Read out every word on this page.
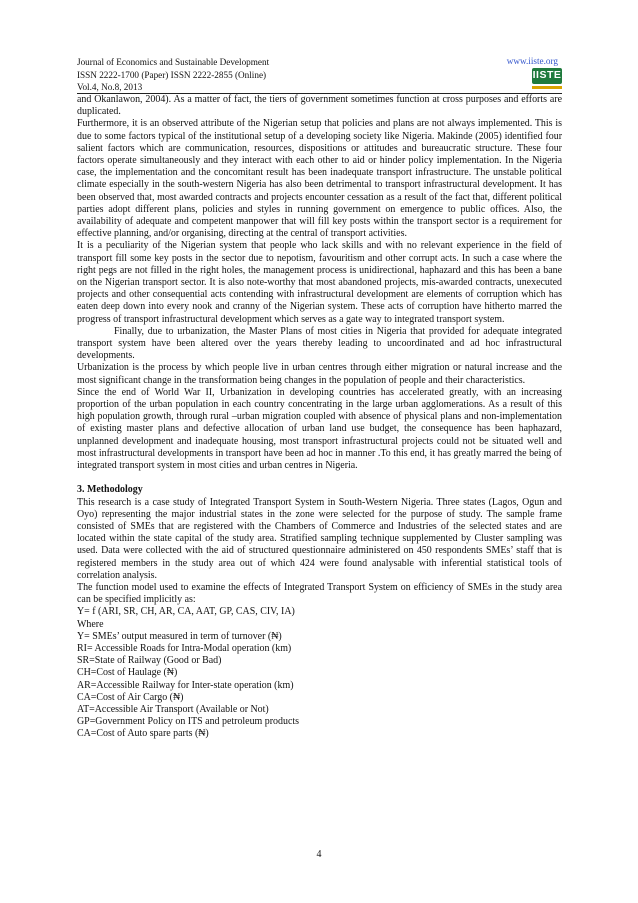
Journal of Economics and Sustainable Development
ISSN 2222-1700 (Paper) ISSN 2222-2855 (Online)
Vol.4, No.8, 2013
www.iiste.org
IISTE

and Okanlawon, 2004). As a matter of fact, the tiers of government sometimes function at cross purposes and efforts are duplicated.

Furthermore, it is an observed attribute of the Nigerian setup that policies and plans are not always implemented. This is due to some factors typical of the institutional setup of a developing society like Nigeria. Makinde (2005) identified four salient factors which are communication, resources, dispositions or attitudes and bureaucratic structure. These four factors operate simultaneously and they interact with each other to aid or hinder policy implementation. In the Nigeria case, the implementation and the concomitant result has been inadequate transport infrastructure. The unstable political climate especially in the south-western Nigeria has also been detrimental to transport infrastructural development. It has been observed that, most awarded contracts and projects encounter cessation as a result of the fact that, different political parties adopt different plans, policies and styles in running government on emergence to public offices. Also, the availability of adequate and competent manpower that will fill key posts within the transport sector is a requirement for effective planning, and/or organising, directing at the central of transport activities.

It is a peculiarity of the Nigerian system that people who lack skills and with no relevant experience in the field of transport fill some key posts in the sector due to nepotism, favouritism and other corrupt acts. In such a case where the right pegs are not filled in the right holes, the management process is unidirectional, haphazard and this has been a bane on the Nigerian transport sector. It is also note-worthy that most abandoned projects, mis-awarded contracts, unexecuted projects and other consequential acts contending with infrastructural development are elements of corruption which has eaten deep down into every nook and cranny of the Nigerian system. These acts of corruption have hitherto marred the progress of transport infrastructural development which serves as a gate way to integrated transport system.

Finally, due to urbanization, the Master Plans of most cities in Nigeria that provided for adequate integrated transport system have been altered over the years thereby leading to uncoordinated and ad hoc infrastructural developments.

Urbanization is the process by which people live in urban centres through either migration or natural increase and the most significant change in the transformation being changes in the population of people and their characteristics.

Since the end of World War II, Urbanization in developing countries has accelerated greatly, with an increasing proportion of the urban population in each country concentrating in the large urban agglomerations. As a result of this high population growth, through rural –urban migration coupled with absence of physical plans and non-implementation of existing master plans and defective allocation of urban land use budget, the consequence has been haphazard, unplanned development and inadequate housing, most transport infrastructural projects could not be situated well and most infrastructural developments in transport have been ad hoc in manner .To this end, it has greatly marred the being of integrated transport system in most cities and urban centres in Nigeria.

3. Methodology

This research is a case study of Integrated Transport System in South-Western Nigeria. Three states (Lagos, Ogun and Oyo) representing the major industrial states in the zone were selected for the purpose of study. The sample frame consisted of SMEs that are registered with the Chambers of Commerce and Industries of the selected states and are located within the state capital of the study area. Stratified sampling technique supplemented by Cluster sampling was used. Data were collected with the aid of structured questionnaire administered on 450 respondents SMEs’ staff that is registered members in the study area out of which 424 were found analysable with inferential statistical tools of correlation analysis.

The function model used to examine the effects of Integrated Transport System on efficiency of SMEs in the study area can be specified implicitly as:

Y= f (ARI, SR, CH, AR, CA, AAT, GP, CAS, CIV, IA)

Where

Y= SMEs’ output measured in term of turnover (₦)

RI= Accessible Roads for Intra-Modal operation (km)

SR=State of Railway (Good or Bad)

CH=Cost of Haulage (₦)

AR=Accessible Railway for Inter-state operation (km)

CA=Cost of Air Cargo (₦)

AT=Accessible Air Transport (Available or Not)

GP=Government Policy on ITS and petroleum products

CA=Cost of Auto spare parts (₦)

4
